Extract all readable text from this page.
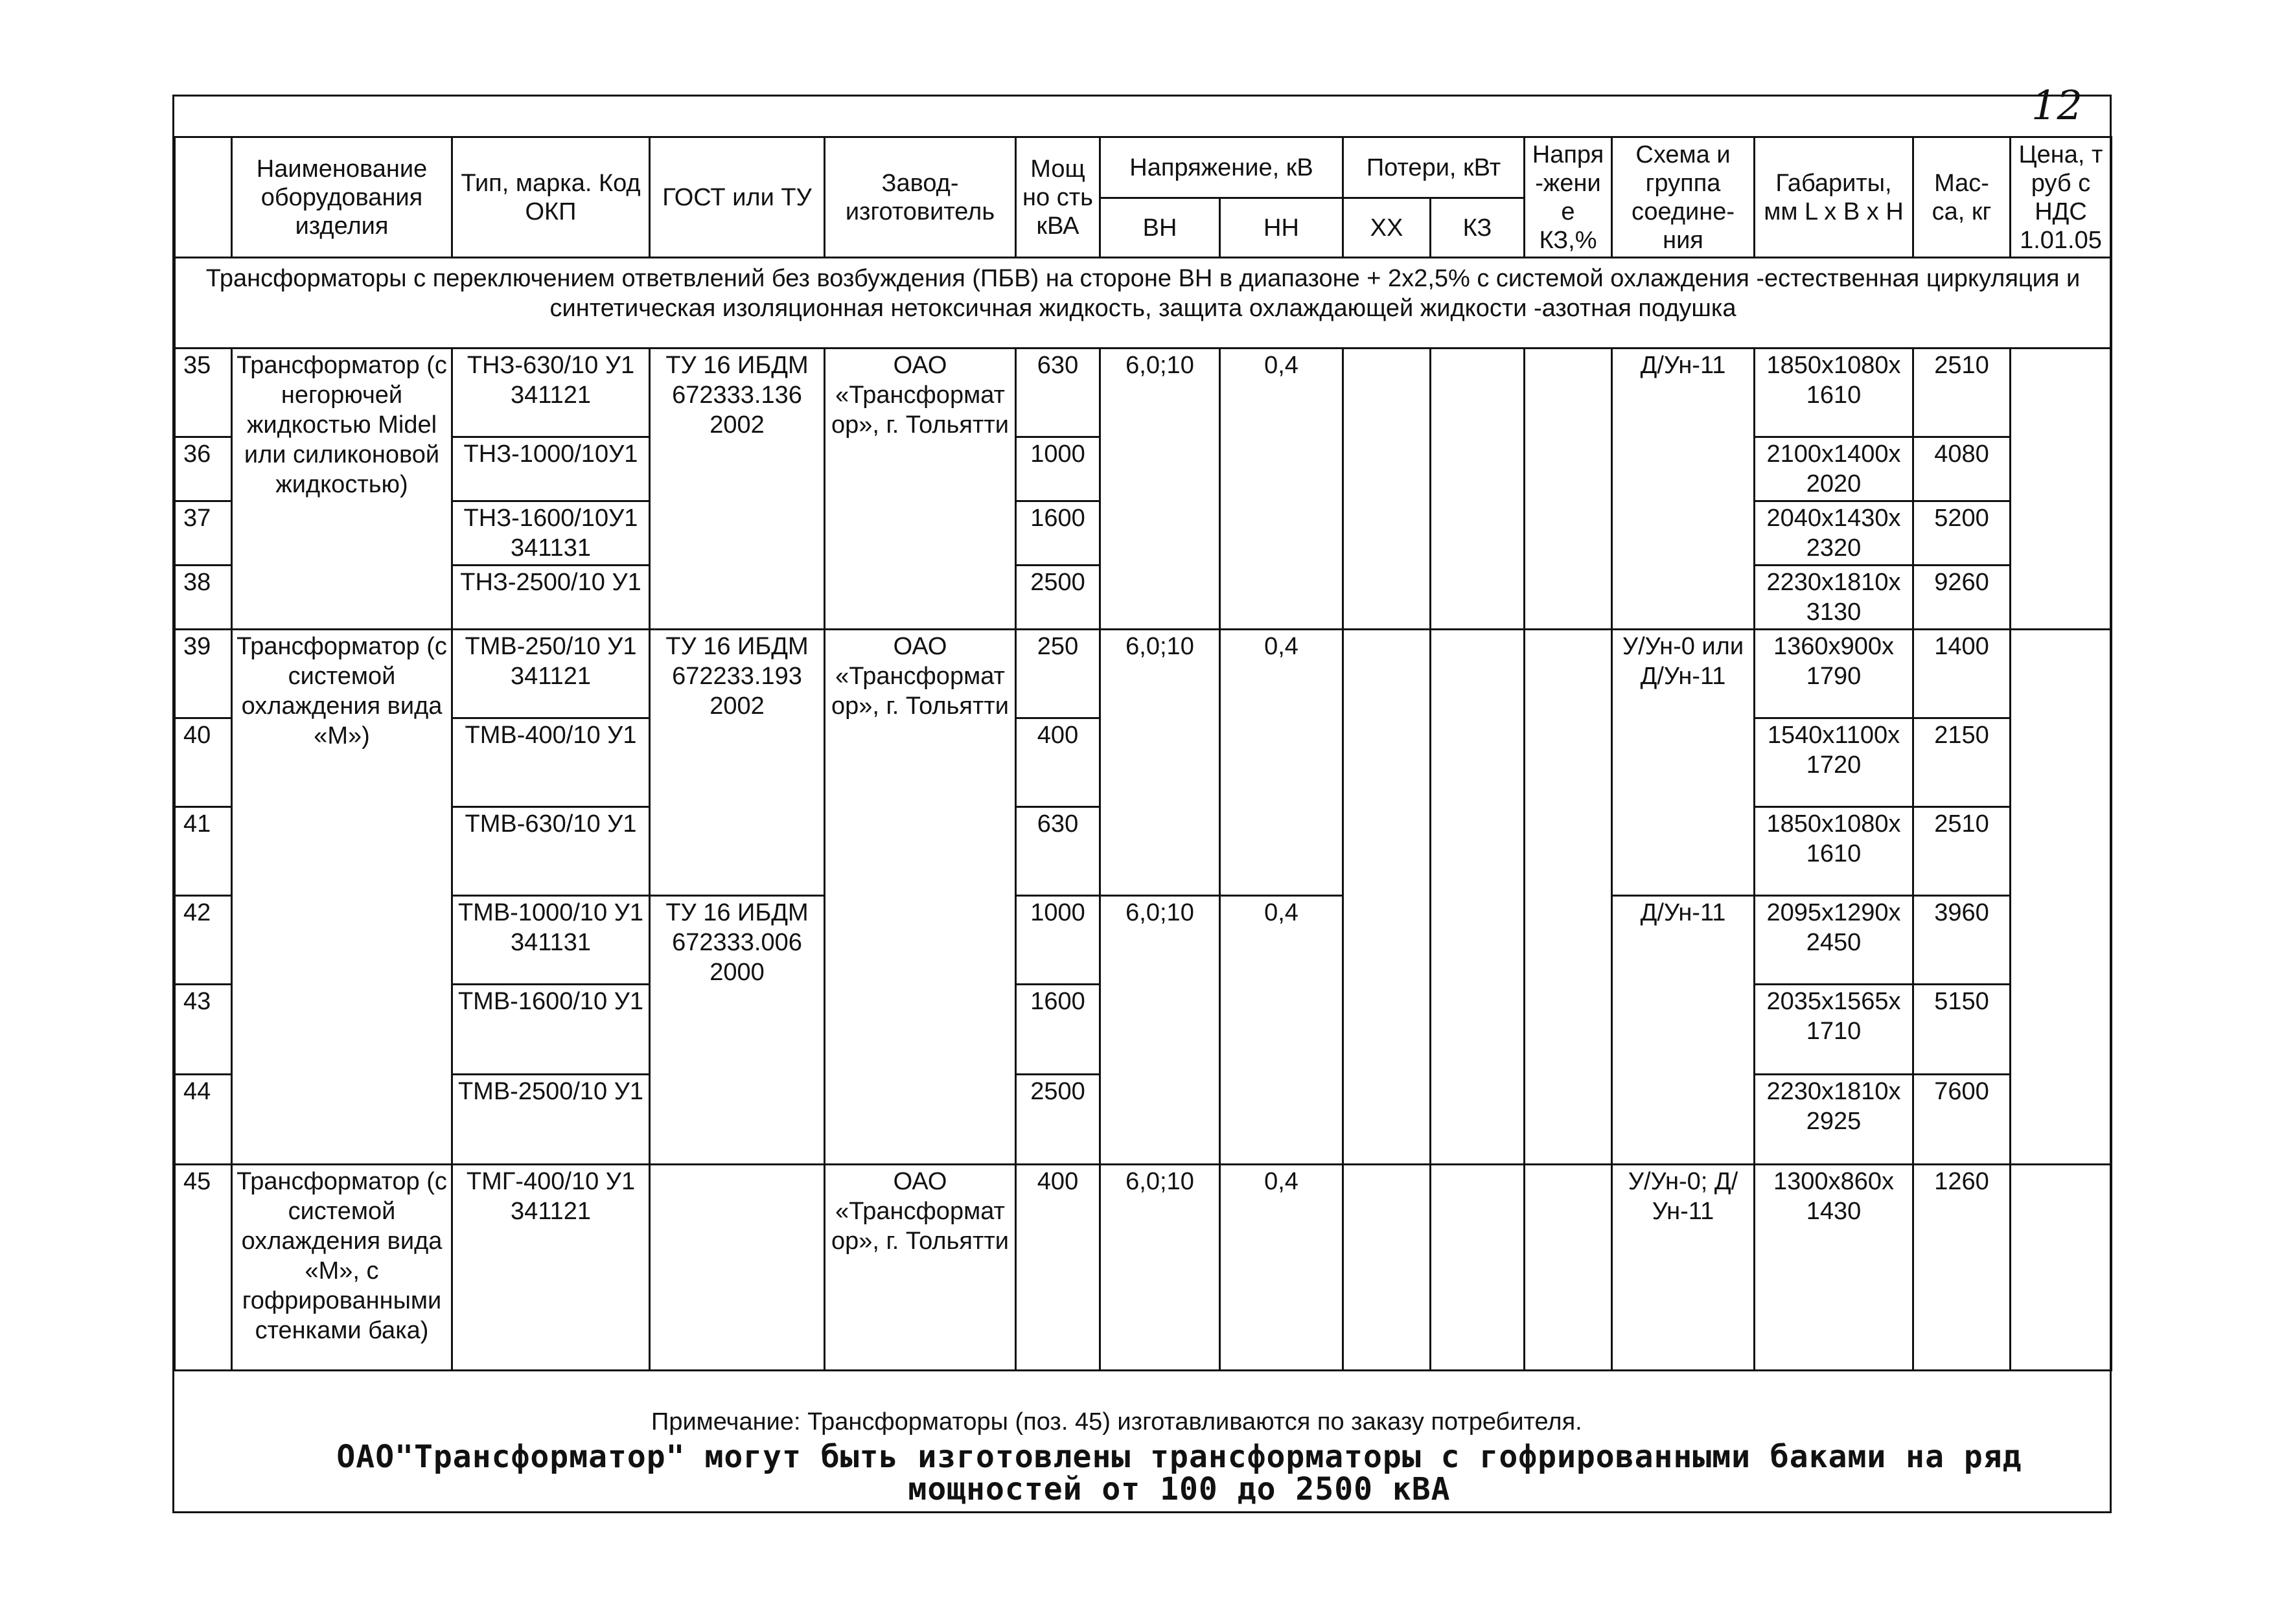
12
	Наименование оборудования изделия	Тип, марка. Код ОКП	ГОСТ или ТУ	Завод-изготовитель	Мощ но сть кВА	Напряжение, кВ		Потери, кВт		Напря-жение КЗ,%	Схема и группа соедине-ния	Габариты, мм L x B x H	Мас-са, кг	Цена, т руб с НДС 1.01.05
						ВН	НН	ХХ	КЗ					
Трансформаторы с переключением ответвлений без возбуждения (ПБВ) на стороне ВН в диапазоне + 2х2,5% с системой охлаждения -естественная циркуляция и синтетическая изоляционная нетоксичная жидкость, защита охлаждающей жидкости -азотная подушка														
35	Трансформатор (с негорючей жидкостью Midel или силиконовой жидкостью)	ТНЗ-630/10 У1 341121	ТУ 16 ИБДМ 672333.136 2002	ОАО «Трансформатор», г. Тольятти	630	6,0;10	0,4				Д/Ун-11	1850x1080x 1610	2510	
36		ТНЗ-1000/10У1			1000							2100x1400x 2020	4080	
37		ТНЗ-1600/10У1 341131			1600							2040x1430x 2320	5200	
38		ТНЗ-2500/10 У1			2500							2230x1810x 3130	9260	
39	Трансформатор (с системой охлаждения вида «М»)	ТМВ-250/10 У1 341121	ТУ 16 ИБДМ 672233.193 2002	ОАО «Трансформатор», г. Тольятти	250	6,0;10	0,4				У/Ун-0 или Д/Ун-11	1360x900x 1790	1400	
40		ТМВ-400/10 У1			400							1540x1100x 1720	2150	
41		ТМВ-630/10 У1			630							1850x1080x 1610	2510	
42		ТМВ-1000/10 У1 341131	ТУ 16 ИБДМ 672333.006 2000		1000	6,0;10	0,4				Д/Ун-11	2095x1290x 2450	3960	
43		ТМВ-1600/10 У1			1600							2035x1565x 1710	5150	
44		ТМВ-2500/10 У1			2500							2230x1810x 2925	7600	
45	Трансформатор (с системой охлаждения вида «М», с гофрированными стенками бака)	ТМГ-400/10 У1 341121		ОАО «Трансформатор», г. Тольятти	400	6,0;10	0,4				У/Ун-0; Д/Ун-11	1300x860x 1430	1260	
Примечание: Трансформаторы (поз. 45) изготавливаются по заказу потребителя.
ОАО"Трансформатор" могут быть изготовлены трансформаторы с гофрированными баками на ряд мощностей от 100 до 2500 кВА
